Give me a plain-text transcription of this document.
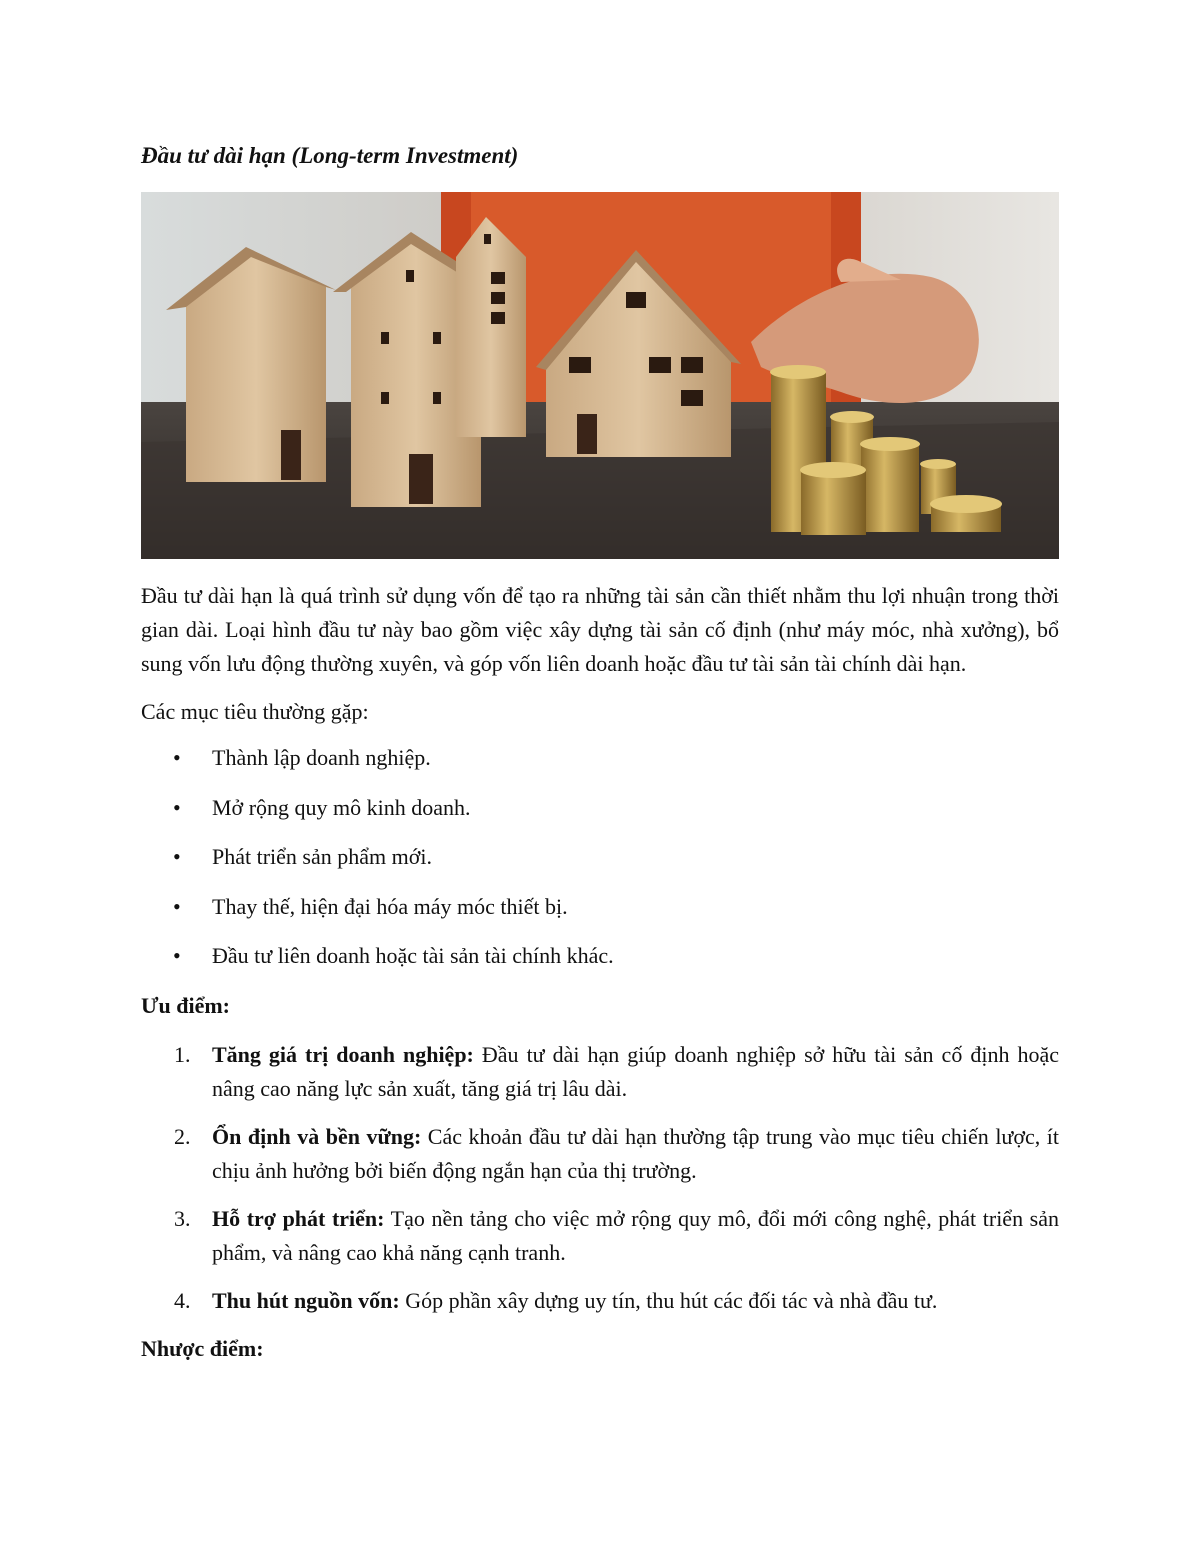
Đầu tư dài hạn (Long-term Investment)

Đầu tư dài hạn là quá trình sử dụng vốn để tạo ra những tài sản cần thiết nhằm thu lợi nhuận trong thời gian dài. Loại hình đầu tư này bao gồm việc xây dựng tài sản cố định (như máy móc, nhà xưởng), bổ sung vốn lưu động thường xuyên, và góp vốn liên doanh hoặc đầu tư tài sản tài chính dài hạn.

Các mục tiêu thường gặp:

• Thành lập doanh nghiệp.
• Mở rộng quy mô kinh doanh.
• Phát triển sản phẩm mới.
• Thay thế, hiện đại hóa máy móc thiết bị.
• Đầu tư liên doanh hoặc tài sản tài chính khác.
Ưu điểm:
1. Tăng giá trị doanh nghiệp: Đầu tư dài hạn giúp doanh nghiệp sở hữu tài sản cố định hoặc nâng cao năng lực sản xuất, tăng giá trị lâu dài.
2. Ổn định và bền vững: Các khoản đầu tư dài hạn thường tập trung vào mục tiêu chiến lược, ít chịu ảnh hưởng bởi biến động ngắn hạn của thị trường.
3. Hỗ trợ phát triển: Tạo nền tảng cho việc mở rộng quy mô, đổi mới công nghệ, phát triển sản phẩm, và nâng cao khả năng cạnh tranh.
4. Thu hút nguồn vốn: Góp phần xây dựng uy tín, thu hút các đối tác và nhà đầu tư.
Nhược điểm:
